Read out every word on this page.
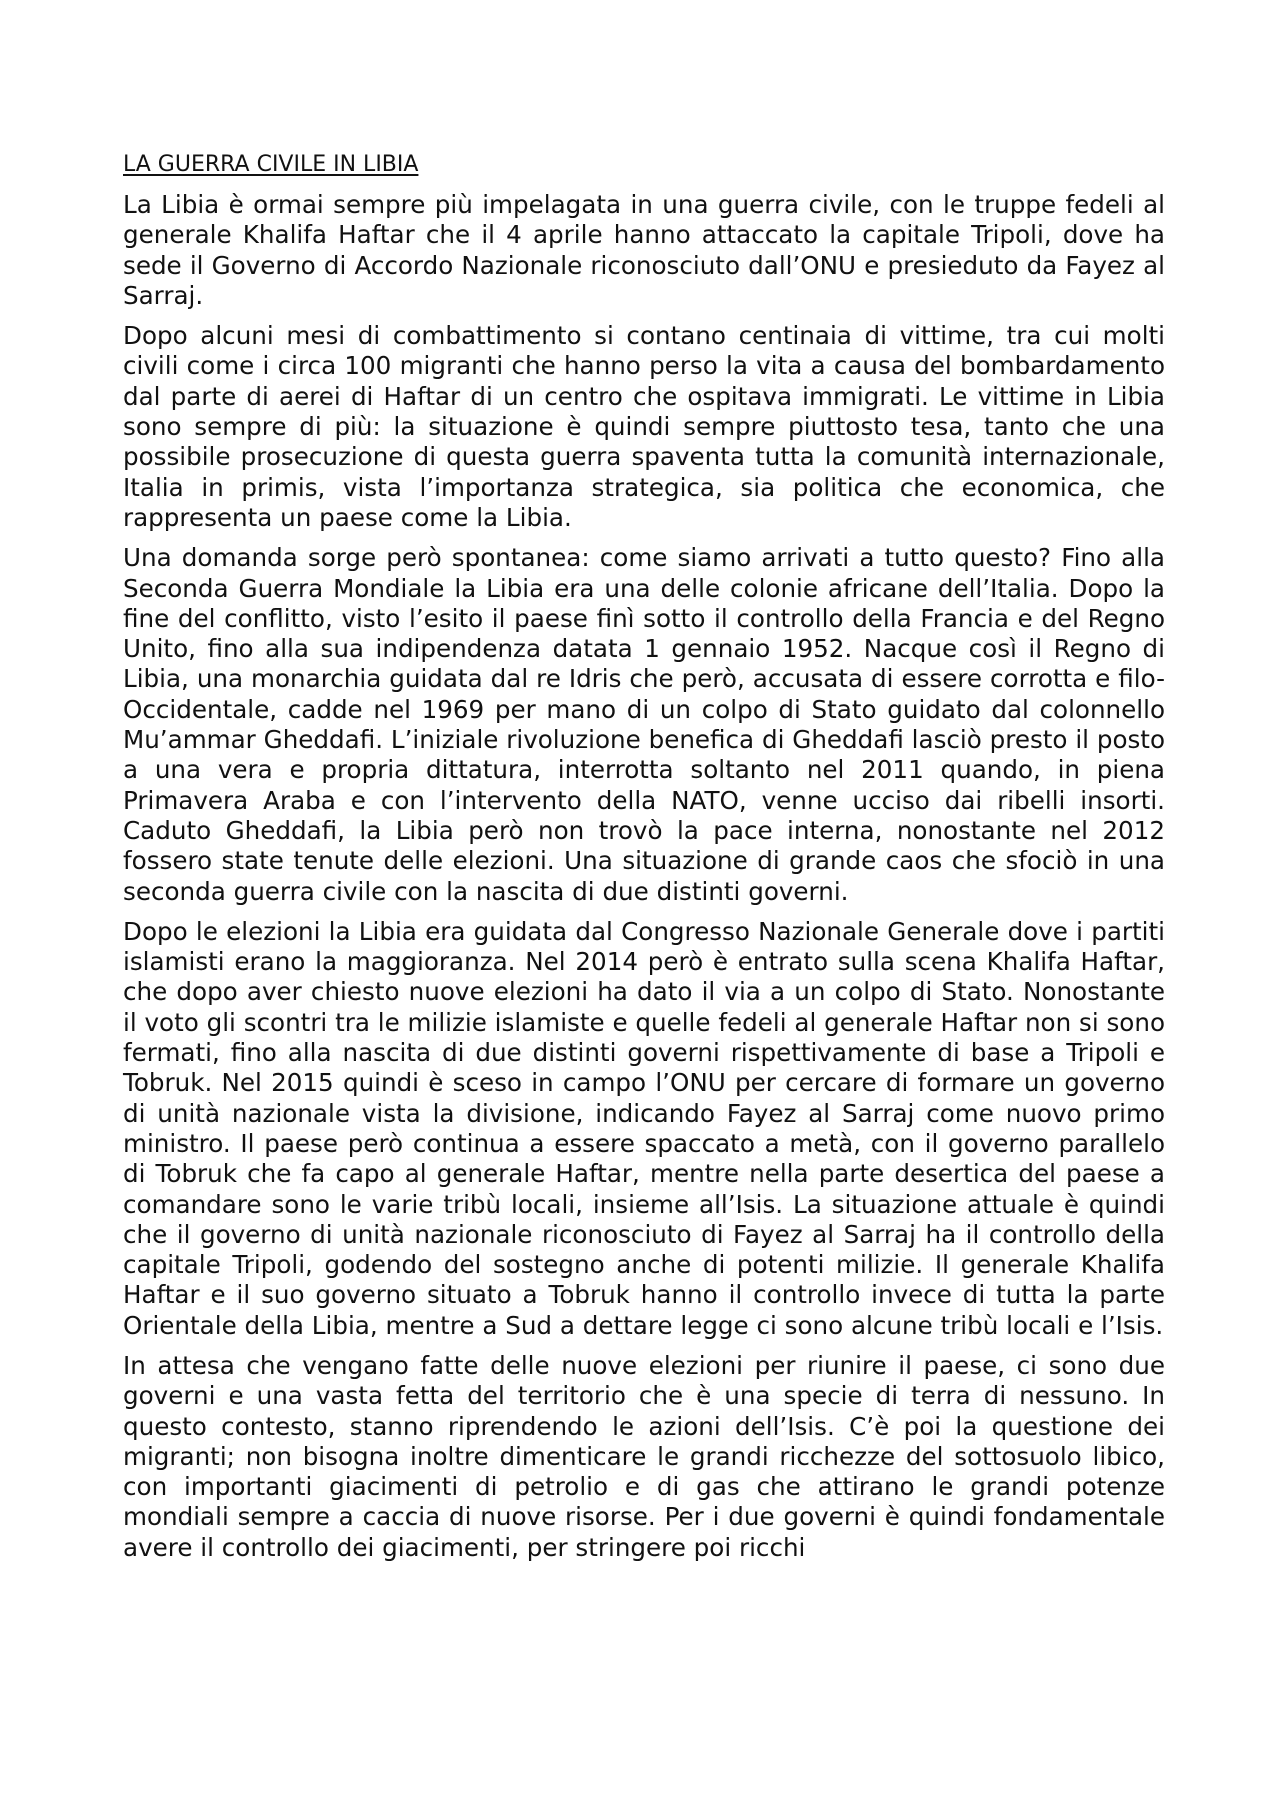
LA GUERRA CIVILE IN LIBIA

La Libia è ormai sempre più impelagata in una guerra civile, con le truppe fedeli al generale Khalifa Haftar che il 4 aprile hanno attaccato la capitale Tripoli, dove ha sede il Governo di Accordo Nazionale riconosciuto dall’ONU e presieduto da Fayez al Sarraj.

Dopo alcuni mesi di combattimento si contano centinaia di vittime, tra cui molti civili come i circa 100 migranti che hanno perso la vita a causa del bombardamento dal parte di aerei di Haftar di un centro che ospitava immigrati. Le vittime in Libia sono sempre di più: la situazione è quindi sempre piuttosto tesa, tanto che una possibile prosecuzione di questa guerra spaventa tutta la comunità internazionale, Italia in primis, vista l’importanza strategica, sia politica che economica, che rappresenta un paese come la Libia.

Una domanda sorge però spontanea: come siamo arrivati a tutto questo? Fino alla Seconda Guerra Mondiale la Libia era una delle colonie africane dell’Italia. Dopo la fine del conflitto, visto l’esito il paese finì sotto il controllo della Francia e del Regno Unito, fino alla sua indipendenza datata 1 gennaio 1952. Nacque così il Regno di Libia, una monarchia guidata dal re Idris che però, accusata di essere corrotta e filo-Occidentale, cadde nel 1969 per mano di un colpo di Stato guidato dal colonnello Mu’ammar Gheddafi. L’iniziale rivoluzione benefica di Gheddafi lasciò presto il posto a una vera e propria dittatura, interrotta soltanto nel 2011 quando, in piena Primavera Araba e con l’intervento della NATO, venne ucciso dai ribelli insorti. Caduto Gheddafi, la Libia però non trovò la pace interna, nonostante nel 2012 fossero state tenute delle elezioni. Una situazione di grande caos che sfociò in una seconda guerra civile con la nascita di due distinti governi.

Dopo le elezioni la Libia era guidata dal Congresso Nazionale Generale dove i partiti islamisti erano la maggioranza. Nel 2014 però è entrato sulla scena Khalifa Haftar, che dopo aver chiesto nuove elezioni ha dato il via a un colpo di Stato. Nonostante il voto gli scontri tra le milizie islamiste e quelle fedeli al generale Haftar non si sono fermati, fino alla nascita di due distinti governi rispettivamente di base a Tripoli e Tobruk. Nel 2015 quindi è sceso in campo l’ONU per cercare di formare un governo di unità nazionale vista la divisione, indicando Fayez al Sarraj come nuovo primo ministro. Il paese però continua a essere spaccato a metà, con il governo parallelo di Tobruk che fa capo al generale Haftar, mentre nella parte desertica del paese a comandare sono le varie tribù locali, insieme all’Isis. La situazione attuale è quindi che il governo di unità nazionale riconosciuto di Fayez al Sarraj ha il controllo della capitale Tripoli, godendo del sostegno anche di potenti milizie. Il generale Khalifa Haftar e il suo governo situato a Tobruk hanno il controllo invece di tutta la parte Orientale della Libia, mentre a Sud a dettare legge ci sono alcune tribù locali e l’Isis.

In attesa che vengano fatte delle nuove elezioni per riunire il paese, ci sono due governi e una vasta fetta del territorio che è una specie di terra di nessuno. In questo contesto, stanno riprendendo le azioni dell’Isis. C’è poi la questione dei migranti; non bisogna inoltre dimenticare le grandi ricchezze del sottosuolo libico, con importanti giacimenti di petrolio e di gas che attirano le grandi potenze mondiali sempre a caccia di nuove risorse. Per i due governi è quindi fondamentale avere il controllo dei giacimenti, per stringere poi ricchi
